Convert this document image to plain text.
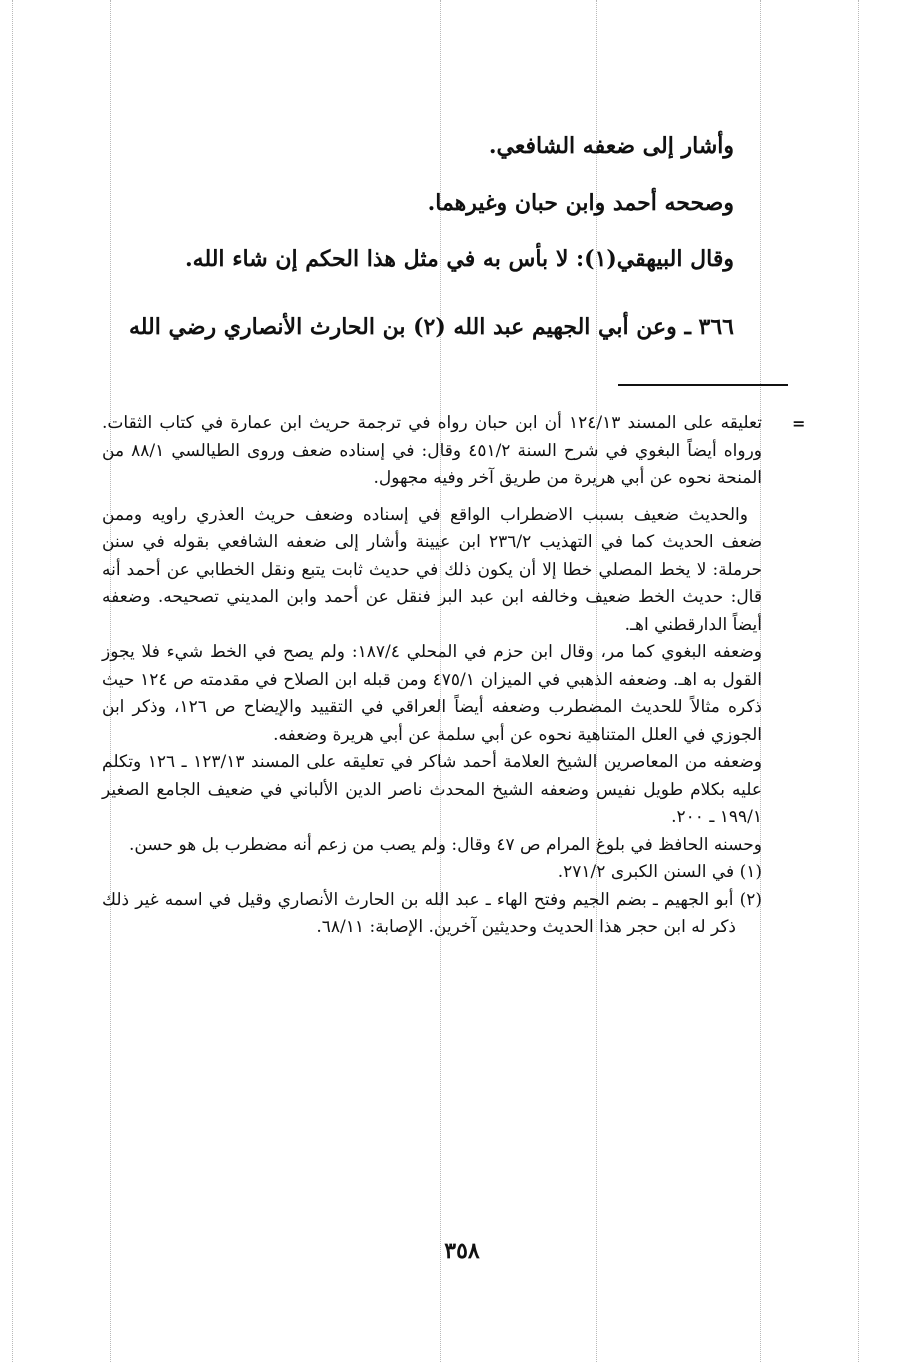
وأشار إلى ضعفه الشافعي.
وصححه أحمد وابن حبان وغيرهما.
وقال البيهقي(١): لا بأس به في مثل هذا الحكم إن شاء الله.
٣٦٦ ـ وعن أبي الجهيم عبد الله (٢) بن الحارث الأنصاري رضي الله
=

تعليقه على المسند ١٢٤/١٣ أن ابن حبان رواه في ترجمة حريث ابن عمارة في كتاب الثقات. ورواه أيضاً البغوي في شرح السنة ٤٥١/٢ وقال: في إسناده ضعف وروى الطيالسي ٨٨/١ من المنحة نحوه عن أبي هريرة من طريق آخر وفيه مجهول.

والحديث ضعيف بسبب الاضطراب الواقع في إسناده وضعف حريث العذري راويه وممن ضعف الحديث كما في التهذيب ٢٣٦/٢ ابن عيينة وأشار إلى ضعفه الشافعي بقوله في سنن حرملة: لا يخط المصلي خطا إلا أن يكون ذلك في حديث ثابت يتبع ونقل الخطابي عن أحمد أنه قال: حديث الخط ضعيف وخالفه ابن عبد البر فنقل عن أحمد وابن المديني تصحيحه. وضعفه أيضاً الدارقطني اهـ.

وضعفه البغوي كما مر، وقال ابن حزم في المحلي ١٨٧/٤: ولم يصح في الخط شيء فلا يجوز القول به اهـ. وضعفه الذهبي في الميزان ٤٧٥/١ ومن قبله ابن الصلاح في مقدمته ص ١٢٤ حيث ذكره مثالاً للحديث المضطرب وضعفه أيضاً العراقي في التقييد والإيضاح ص ١٢٦، وذكر ابن الجوزي في العلل المتناهية نحوه عن أبي سلمة عن أبي هريرة وضعفه.

وضعفه من المعاصرين الشيخ العلامة أحمد شاكر في تعليقه على المسند ١٢٣/١٣ ـ ١٢٦ وتكلم عليه بكلام طويل نفيس وضعفه الشيخ المحدث ناصر الدين الألباني في ضعيف الجامع الصغير ١٩٩/١ ـ ٢٠٠.

وحسنه الحافظ في بلوغ المرام ص ٤٧ وقال: ولم يصب من زعم أنه مضطرب بل هو حسن.

(١) في السنن الكبرى ٢٧١/٢.

(٢) أبو الجهيم ـ بضم الجيم وفتح الهاء ـ عبد الله بن الحارث الأنصاري وقيل في اسمه غير ذلك ذكر له ابن حجر هذا الحديث وحديثين آخرين. الإصابة: ٦٨/١١.

٣٥٨
